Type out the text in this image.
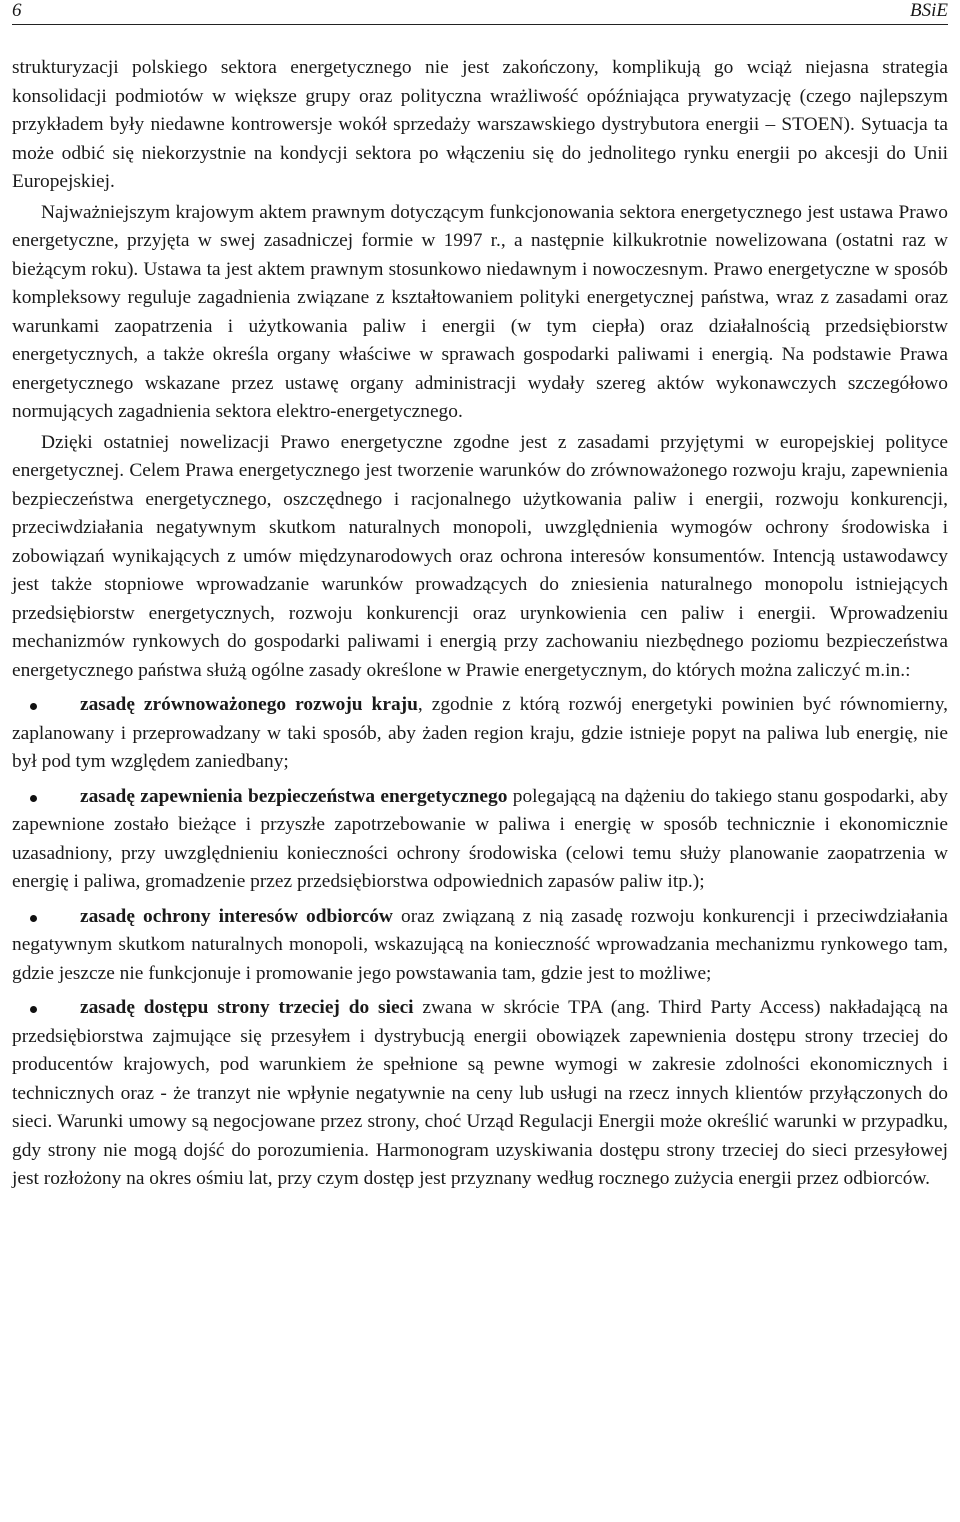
6	BSiE

strukturyzacji polskiego sektora energetycznego nie jest zakończony, komplikują go wciąż niejasna strategia konsolidacji podmiotów w większe grupy oraz polityczna wrażliwość opóźniająca prywatyzację (czego najlepszym przykładem były niedawne kontrowersje wokół sprzedaży warszawskiego dystrybutora energii – STOEN). Sytuacja ta może odbić się niekorzystnie na kondycji sektora po włączeniu się do jednolitego rynku energii po akcesji do Unii Europejskiej.

Najważniejszym krajowym aktem prawnym dotyczącym funkcjonowania sektora energetycznego jest ustawa Prawo energetyczne, przyjęta w swej zasadniczej formie w 1997 r., a następnie kilkukrotnie nowelizowana (ostatni raz w bieżącym roku). Ustawa ta jest aktem prawnym stosunkowo niedawnym i nowoczesnym. Prawo energetyczne w sposób kompleksowy reguluje zagadnienia związane z kształtowaniem polityki energetycznej państwa, wraz z zasadami oraz warunkami zaopatrzenia i użytkowania paliw i energii (w tym ciepła) oraz działalnością przedsiębiorstw energetycznych, a także określa organy właściwe w sprawach gospodarki paliwami i energią. Na podstawie Prawa energetycznego wskazane przez ustawę organy administracji wydały szereg aktów wykonawczych szczegółowo normujących zagadnienia sektora elektro-energetycznego.

Dzięki ostatniej nowelizacji Prawo energetyczne zgodne jest z zasadami przyjętymi w europejskiej polityce energetycznej. Celem Prawa energetycznego jest tworzenie warunków do zrównoważonego rozwoju kraju, zapewnienia bezpieczeństwa energetycznego, oszczędnego i racjonalnego użytkowania paliw i energii, rozwoju konkurencji, przeciwdziałania negatywnym skutkom naturalnych monopoli, uwzględnienia wymogów ochrony środowiska i zobowiązań wynikających z umów międzynarodowych oraz ochrona interesów konsumentów. Intencją ustawodawcy jest także stopniowe wprowadzanie warunków prowadzących do zniesienia naturalnego monopolu istniejących przedsiębiorstw energetycznych, rozwoju konkurencji oraz urynkowienia cen paliw i energii. Wprowadzeniu mechanizmów rynkowych do gospodarki paliwami i energią przy zachowaniu niezbędnego poziomu bezpieczeństwa energetycznego państwa służą ogólne zasady określone w Prawie energetycznym, do których można zaliczyć m.in.:

zasadę zrównoważonego rozwoju kraju, zgodnie z którą rozwój energetyki powinien być równomierny, zaplanowany i przeprowadzany w taki sposób, aby żaden region kraju, gdzie istnieje popyt na paliwa lub energię, nie był pod tym względem zaniedbany;
zasadę zapewnienia bezpieczeństwa energetycznego polegającą na dążeniu do takiego stanu gospodarki, aby zapewnione zostało bieżące i przyszłe zapotrzebowanie w paliwa i energię w sposób technicznie i ekonomicznie uzasadniony, przy uwzględnieniu konieczności ochrony środowiska (celowi temu służy planowanie zaopatrzenia w energię i paliwa, gromadzenie przez przedsiębiorstwa odpowiednich zapasów paliw itp.);
zasadę ochrony interesów odbiorców oraz związaną z nią zasadę rozwoju konkurencji i przeciwdziałania negatywnym skutkom naturalnych monopoli, wskazującą na konieczność wprowadzania mechanizmu rynkowego tam, gdzie jeszcze nie funkcjonuje i promowanie jego powstawania tam, gdzie jest to możliwe;
zasadę dostępu strony trzeciej do sieci zwana w skrócie TPA (ang. Third Party Access) nakładającą na przedsiębiorstwa zajmujące się przesyłem i dystrybucją energii obowiązek zapewnienia dostępu strony trzeciej do producentów krajowych, pod warunkiem że spełnione są pewne wymogi w zakresie zdolności ekonomicznych i technicznych oraz - że tranzyt nie wpłynie negatywnie na ceny lub usługi na rzecz innych klientów przyłączonych do sieci. Warunki umowy są negocjowane przez strony, choć Urząd Regulacji Energii może określić warunki w przypadku, gdy strony nie mogą dojść do porozumienia. Harmonogram uzyskiwania dostępu strony trzeciej do sieci przesyłowej jest rozłożony na okres ośmiu lat, przy czym dostęp jest przyznany według rocznego zużycia energii przez odbiorców.
